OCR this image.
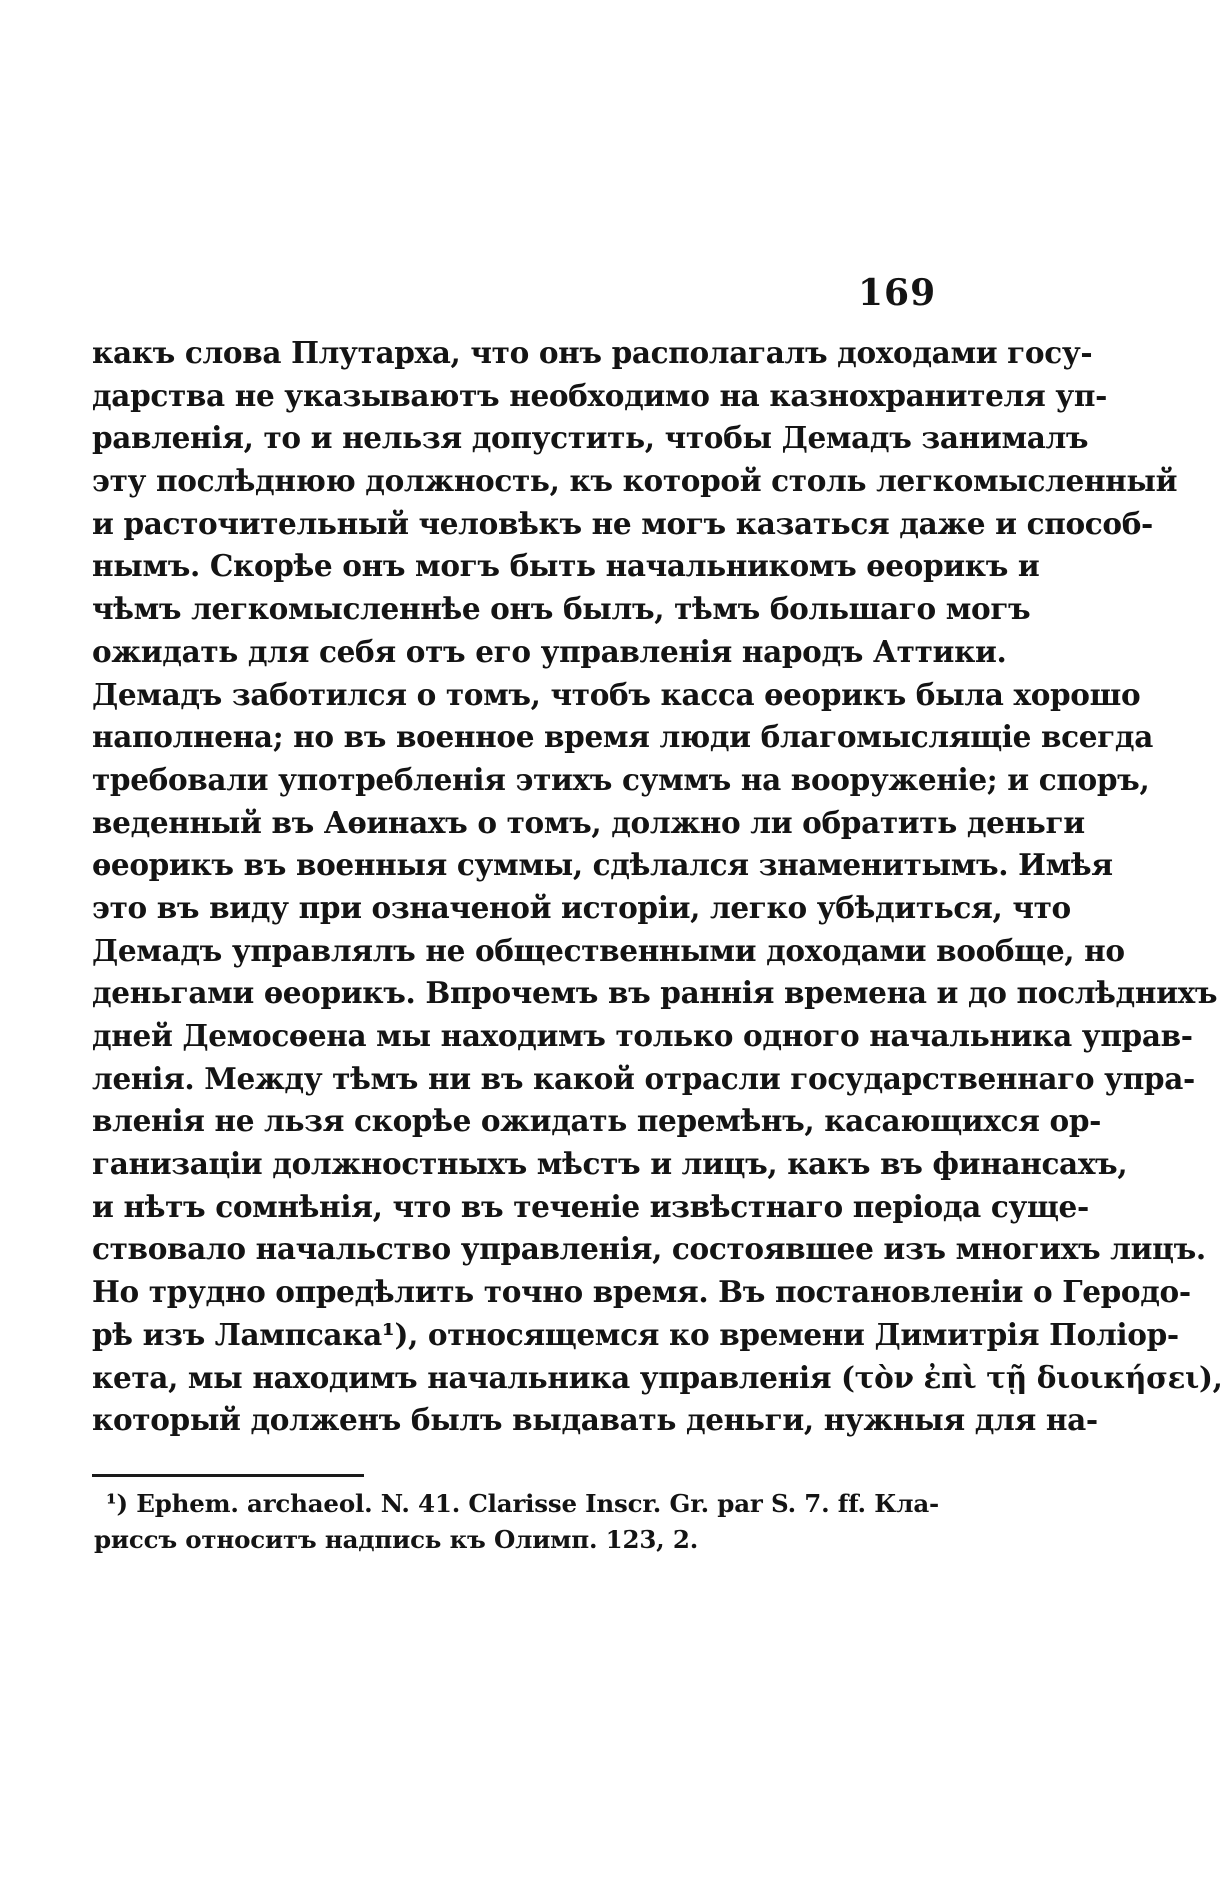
169
какъ слова Плутарха, что онъ располагалъ доходами госу-
дарства не указываютъ необходимо на казнохранителя уп-
равленія, то и нельзя допустить, чтобы Демадъ занималъ
эту послѣднюю должность, къ которой столь легкомысленный
и расточительный человѣкъ не могъ казаться даже и способ-
нымъ. Скорѣе онъ могъ быть начальникомъ ѳеорикъ и
чѣмъ легкомысленнѣе онъ былъ, тѣмъ большаго могъ
ожидать для себя отъ его управленія народъ Аттики.
Демадъ заботился о томъ, чтобъ касса ѳеорикъ была хорошо
наполнена; но въ военное время люди благомыслящіе всегда
требовали употребленія этихъ суммъ на вооруженіе; и споръ,
веденный въ Аѳинахъ о томъ, должно ли обратить деньги
ѳеорикъ въ военныя суммы, сдѣлался знаменитымъ. Имѣя
это въ виду при означеной исторіи, легко убѣдиться, что
Демадъ управлялъ не общественными доходами вообще, но
деньгами ѳеорикъ. Впрочемъ въ раннія времена и до послѣднихъ
дней Демосѳена мы находимъ только одного начальника управ-
ленія. Между тѣмъ ни въ какой отрасли государственнаго упра-
вленія не льзя скорѣе ожидать перемѣнъ, касающихся ор-
ганизаціи должностныхъ мѣстъ и лицъ, какъ въ финансахъ,
и нѣтъ сомнѣнія, что въ теченіе извѣстнаго періода суще-
ствовало начальство управленія, состоявшее изъ многихъ лицъ.
Но трудно опредѣлить точно время. Въ постановленіи о Геродо-
рѣ изъ Лампсака¹), относящемся ко времени Димитрія Поліор-
кета, мы находимъ начальника управленія (τὸν ἐπὶ τῇ διοικήσει),
который долженъ былъ выдавать деньги, нужныя для на-
¹) Ephem. archaeol. N. 41. Clarisse Inscr. Gr. par S. 7. ff. Кла-
риссъ относитъ надпись къ Олимп. 123, 2.
